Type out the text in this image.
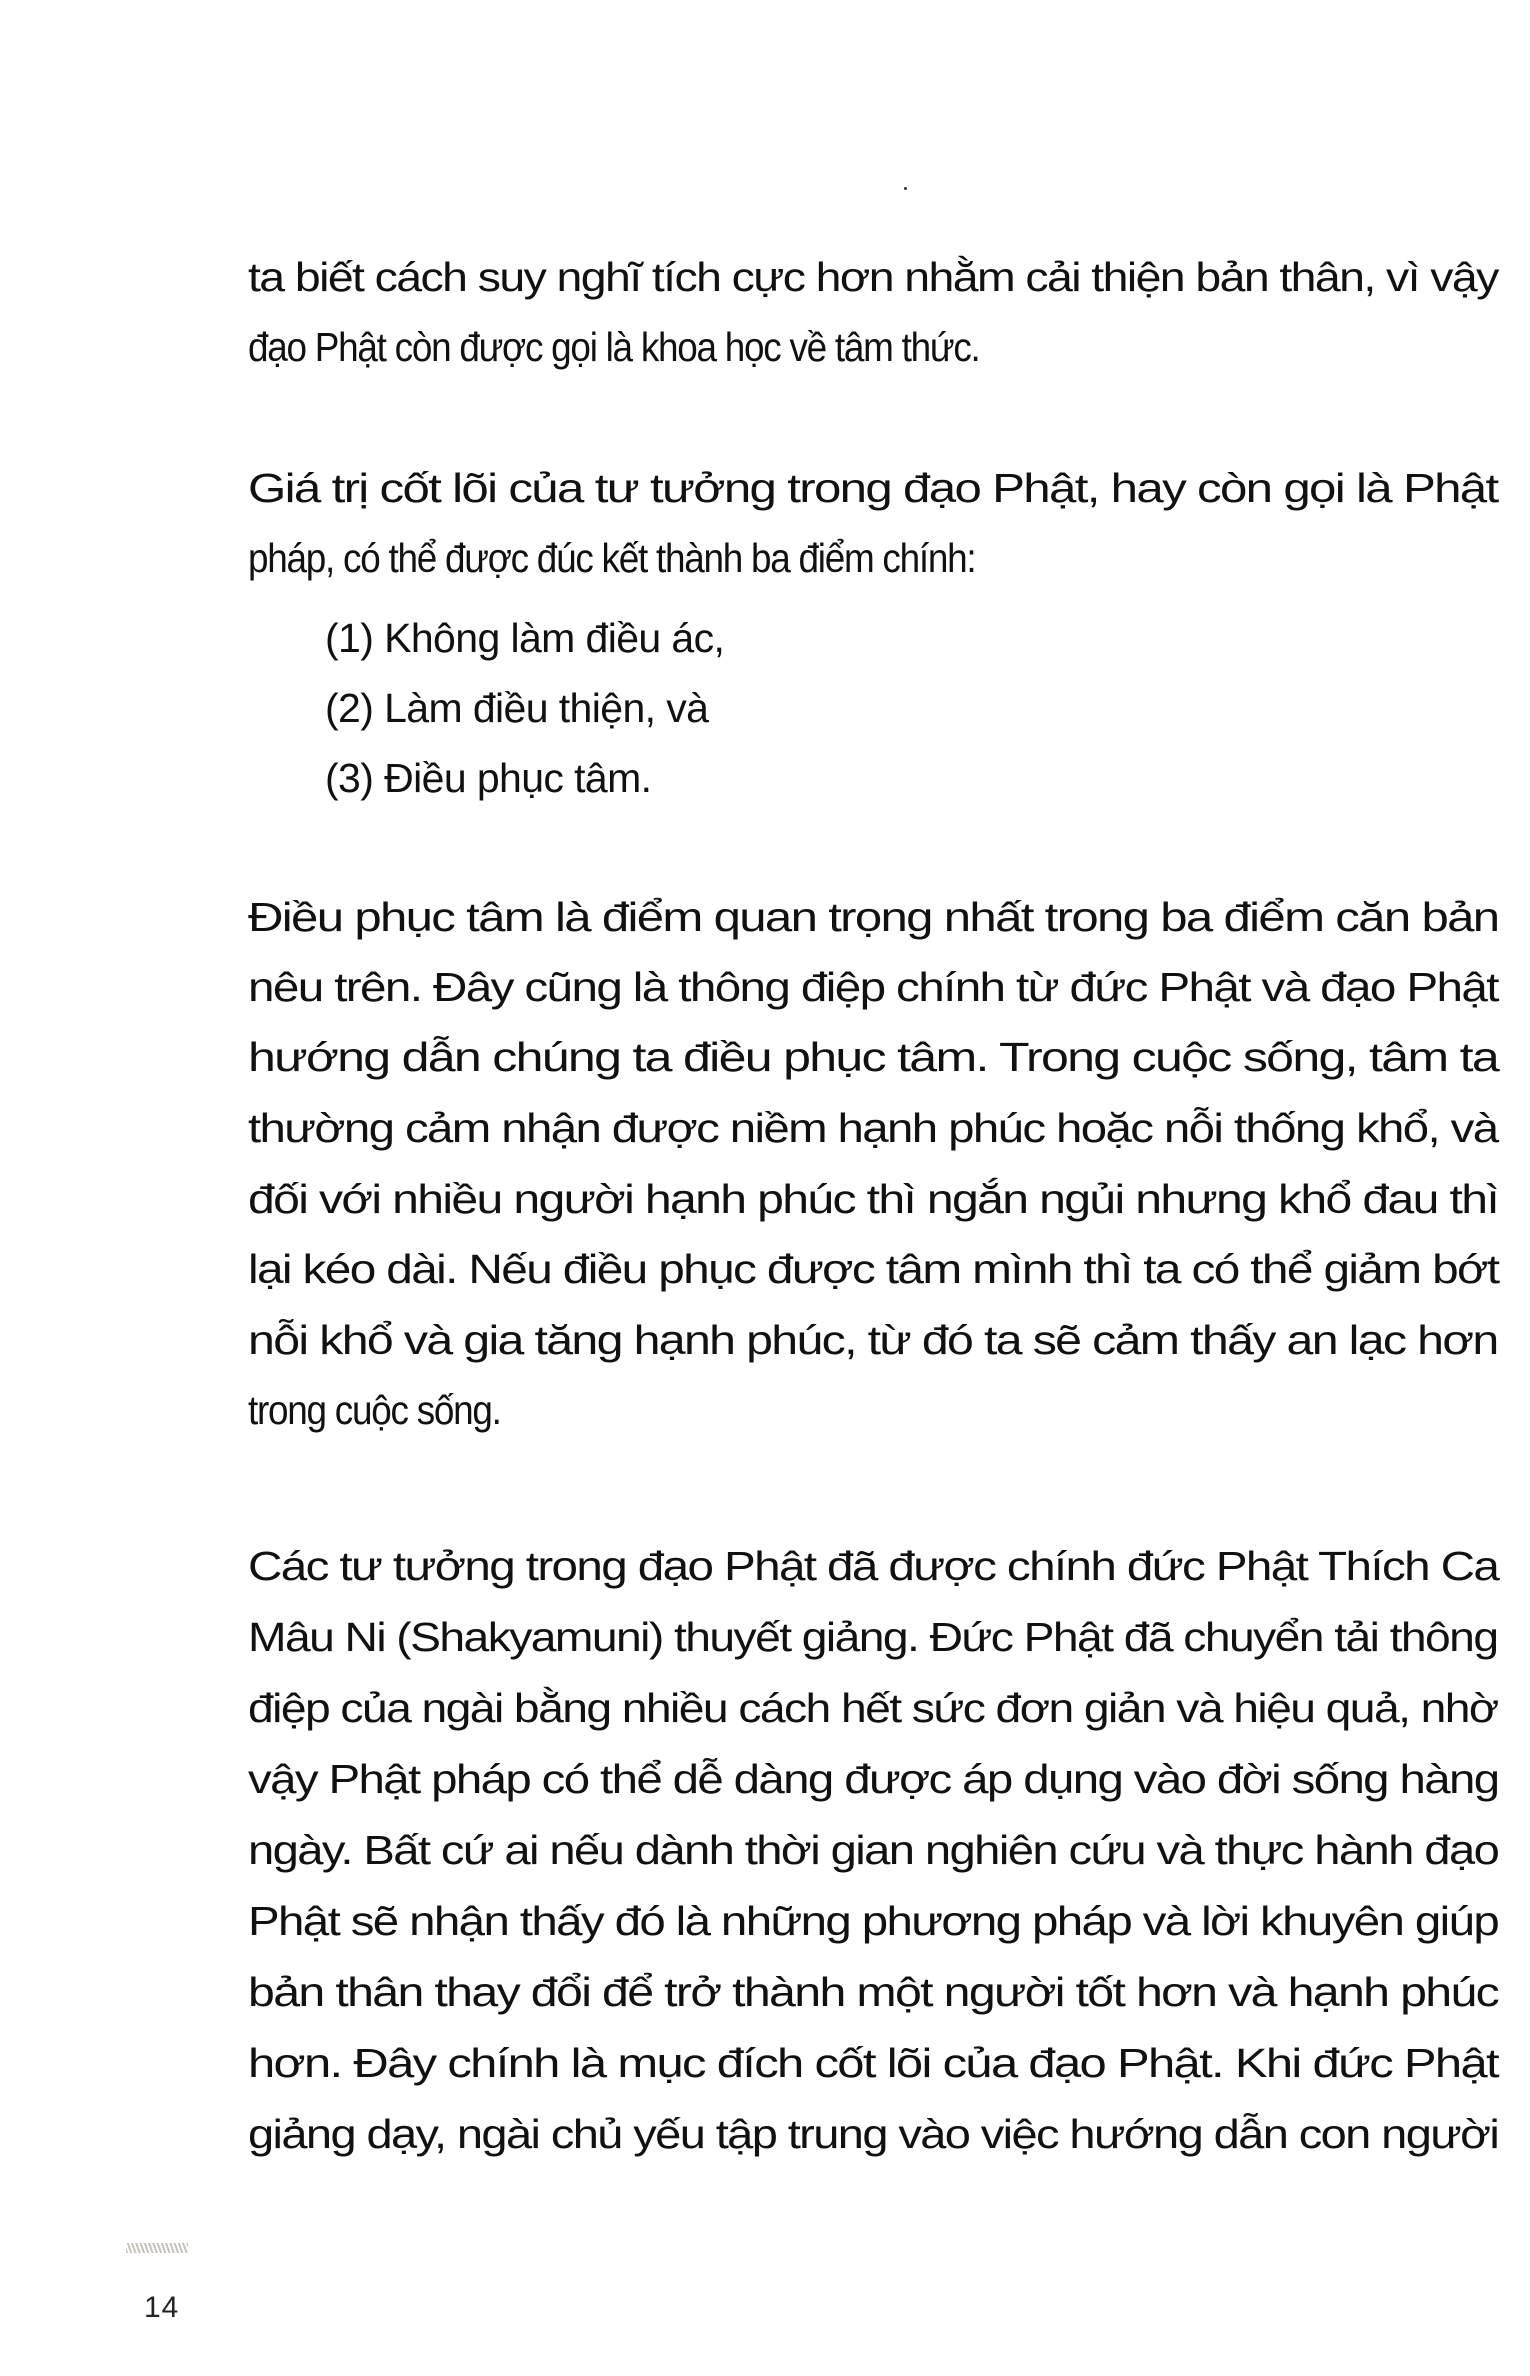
ta biết cách suy nghĩ tích cực hơn nhằm cải thiện bản thân, vì vậy
đạo Phật còn được gọi là khoa học về tâm thức.
Giá trị cốt lõi của tư tưởng trong đạo Phật, hay còn gọi là Phật
pháp, có thể được đúc kết thành ba điểm chính:
(1) Không làm điều ác,
(2) Làm điều thiện, và
(3) Điều phục tâm.
Điều phục tâm là điểm quan trọng nhất trong ba điểm căn bản
nêu trên. Đây cũng là thông điệp chính từ đức Phật và đạo Phật
hướng dẫn chúng ta điều phục tâm. Trong cuộc sống, tâm ta
thường cảm nhận được niềm hạnh phúc hoặc nỗi thống khổ, và
đối với nhiều người hạnh phúc thì ngắn ngủi nhưng khổ đau thì
lại kéo dài. Nếu điều phục được tâm mình thì ta có thể giảm bớt
nỗi khổ và gia tăng hạnh phúc, từ đó ta sẽ cảm thấy an lạc hơn
trong cuộc sống.
Các tư tưởng trong đạo Phật đã được chính đức Phật Thích Ca
Mâu Ni (Shakyamuni) thuyết giảng. Đức Phật đã chuyển tải thông
điệp của ngài bằng nhiều cách hết sức đơn giản và hiệu quả, nhờ
vậy Phật pháp có thể dễ dàng được áp dụng vào đời sống hàng
ngày. Bất cứ ai nếu dành thời gian nghiên cứu và thực hành đạo
Phật sẽ nhận thấy đó là những phương pháp và lời khuyên giúp
bản thân thay đổi để trở thành một người tốt hơn và hạnh phúc
hơn. Đây chính là mục đích cốt lõi của đạo Phật. Khi đức Phật
giảng dạy, ngài chủ yếu tập trung vào việc hướng dẫn con người
14
